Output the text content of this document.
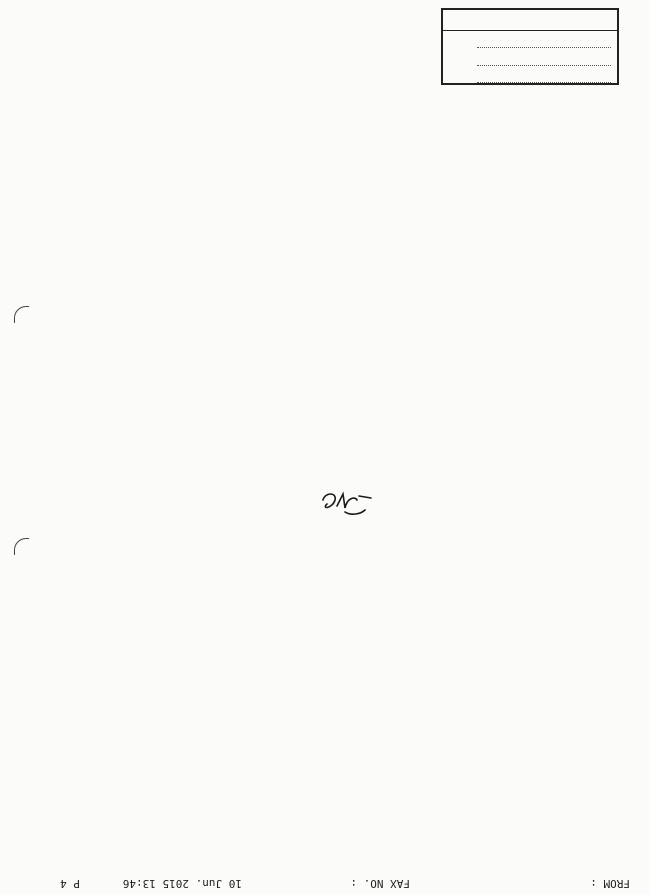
FROM :
FAX NO. :
10 Jun. 2015 13:46
P 4
